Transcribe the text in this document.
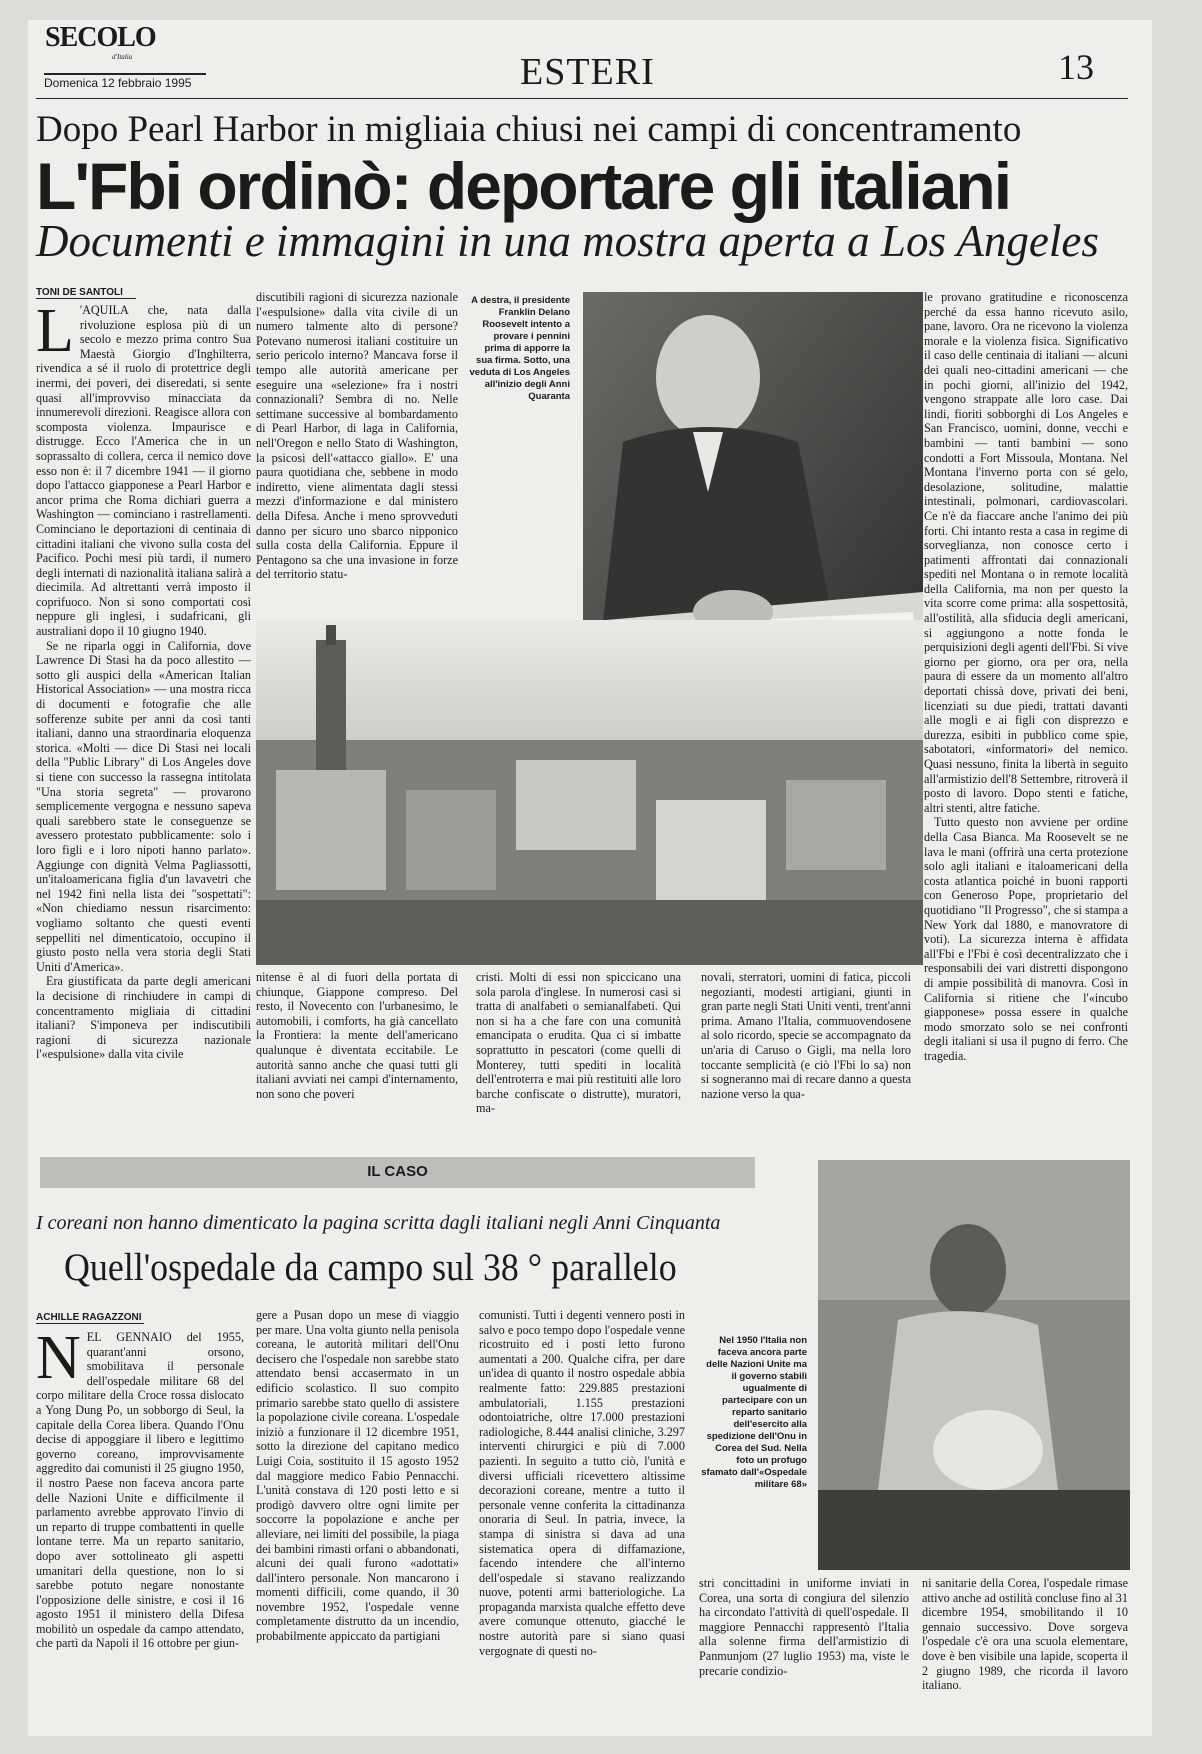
SECOLO
d'Italia
Domenica 12 febbraio 1995	ESTERI	13
Dopo Pearl Harbor in migliaia chiusi nei campi di concentramento
L'Fbi ordinò: deportare gli italiani
Documenti e immagini in una mostra aperta a Los Angeles
TONI DE SANTOLI
L 'AQUILA che, nata dalla rivoluzione esplosa più di un secolo e mezzo prima contro Sua Maestà Giorgio d'Inghilterra, rivendica a sé il ruolo di protettrice degli inermi, dei poveri, dei diseredati, si sente quasi all'improvviso minacciata da innumerevoli direzioni. Reagisce allora con scomposta violenza. Impaurisce e distrugge. Ecco l'America che in un soprassalto di collera, cerca il nemico dove esso non è: il 7 dicembre 1941 — il giorno dopo l'attacco giapponese a Pearl Harbor e ancor prima che Roma dichiari guerra a Washington — cominciano i rastrellamenti. Cominciano le deportazioni di centinaia di cittadini italiani che vivono sulla costa del Pacifico. Pochi mesi più tardi, il numero degli internati di nazionalità italiana salirà a diecimila. Ad altrettanti verrà imposto il coprifuoco. Non si sono comportati così neppure gli inglesi, i sudafricani, gli australiani dopo il 10 giugno 1940.

Se ne riparla oggi in California, dove Lawrence Di Stasi ha da poco allestito — sotto gli auspici della «American Italian Historical Association» — una mostra ricca di documenti e fotografie che alle sofferenze subite per anni da così tanti italiani, danno una straordinaria eloquenza storica. «Molti — dice Di Stasi nei locali della "Public Library" di Los Angeles dove si tiene con successo la rassegna intitolata "Una storia segreta" — provarono semplicemente vergogna e nessuno sapeva quali sarebbero state le conseguenze se avessero protestato pubblicamente: solo i loro figli e i loro nipoti hanno parlato». Aggiunge con dignità Velma Pagliassotti, un'italoamericana figlia d'un lavavetri che nel 1942 finì nella lista dei "sospettati": «Non chiediamo nessun risarcimento: vogliamo soltanto che questi eventi seppelliti nel dimenticatoio, occupino il giusto posto nella vera storia degli Stati Uniti d'America».

Era giustificata da parte degli americani la decisione di rinchiudere in campi di concentramento migliaia di cittadini italiani? S'imponeva per indiscutibili ragioni di sicurezza nazionale l'«espulsione» dalla vita civile

discutibili ragioni di sicurezza nazionale l'«espulsione» dalla vita civile di un numero talmente alto di persone? Potevano numerosi italiani costituire un serio pericolo interno? Mancava forse il tempo alle autorità americane per eseguire una «selezione» fra i nostri connazionali? Sembra di no. Nelle settimane successive al bombardamento di Pearl Harbor, di laga in California, nell'Oregon e nello Stato di Washington, la psicosi dell'«attacco giallo». E' una paura quotidiana che, sebbene in modo indiretto, viene alimentata dagli stessi mezzi d'informazione e dal ministero della Difesa. Anche i meno sprovveduti danno per sicuro uno sbarco nipponico sulla costa della California. Eppure il Pentagono sa che una invasione in forze del territorio statu-

A destra, il presidente Franklin Delano Roosevelt intento a provare i pennini prima di apporre la sua firma. Sotto, una veduta di Los Angeles all'inizio degli Anni Quaranta

le provano gratitudine e riconoscenza perché da essa hanno ricevuto asilo, pane, lavoro. Ora ne ricevono la violenza morale e la violenza fisica. Significativo il caso delle centinaia di italiani — alcuni dei quali neo-cittadini americani — che in pochi giorni, all'inizio del 1942, vengono strappate alle loro case. Dai lindi, fioriti sobborghi di Los Angeles e San Francisco, uomini, donne, vecchi e bambini — tanti bambini — sono condotti a Fort Missoula, Montana. Nel Montana l'inverno porta con sé gelo, desolazione, solitudine, malattie intestinali, polmonari, cardiovascolari. Ce n'è da fiaccare anche l'animo dei più forti. Chi intanto resta a casa in regime di sorveglianza, non conosce certo i patimenti affrontati dai connazionali spediti nel Montana o in remote località della California, ma non per questo la vita scorre come prima: alla sospettosità, all'ostilità, alla sfiducia degli americani, si aggiungono a notte fonda le perquisizioni degli agenti dell'Fbi. Si vive giorno per giorno, ora per ora, nella paura di essere da un momento all'altro deportati chissà dove, privati dei beni, licenziati su due piedi, trattati davanti alle mogli e ai figli con disprezzo e durezza, esibiti in pubblico come spie, sabotatori, «informatori» del nemico. Quasi nessuno, finita la libertà in seguito all'armistizio dell'8 Settembre, ritroverà il posto di lavoro. Dopo stenti e fatiche, altri stenti, altre fatiche.

Tutto questo non avviene per ordine della Casa Bianca. Ma Roosevelt se ne lava le mani (offrirà una certa protezione solo agli italiani e italoamericani della costa atlantica poiché in buoni rapporti con Generoso Pope, proprietario del quotidiano "Il Progresso", che si stampa a New York dal 1880, e manovratore di voti). La sicurezza interna è affidata all'Fbi e l'Fbi è così decentralizzato che i responsabili dei vari distretti dispongono di ampie possibilità di manovra. Così in California si ritiene che l'«incubo giapponese» possa essere in qualche modo smorzato solo se nei confronti degli italiani si usa il pugno di ferro. Che tragedia.

nitense è al di fuori della portata di chiunque, Giappone compreso. Del resto, il Novecento con l'urbanesimo, le automobili, i comforts, ha già cancellato la Frontiera: la mente dell'americano qualunque è diventata eccitabile. Le autorità sanno anche che quasi tutti gli italiani avviati nei campi d'internamento, non sono che poveri

cristi. Molti di essi non spiccicano una sola parola d'inglese. In numerosi casi si tratta di analfabeti o semianalfabeti. Qui non si ha a che fare con una comunità emancipata o erudita. Qua ci si imbatte soprattutto in pescatori (come quelli di Monterey, tutti spediti in località dell'entroterra e mai più restituiti alle loro barche confiscate o distrutte), muratori, ma-

novali, sterratori, uomini di fatica, piccoli negozianti, modesti artigiani, giunti in gran parte negli Stati Uniti venti, trent'anni prima. Amano l'Italia, commuovendosene al solo ricordo, specie se accompagnato da un'aria di Caruso o Gigli, ma nella loro toccante semplicità (e ciò l'Fbi lo sa) non si sogneranno mai di recare danno a questa nazione verso la qua-

IL CASO
I coreani non hanno dimenticato la pagina scritta dagli italiani negli Anni Cinquanta
Quell'ospedale da campo sul 38 ° parallelo
ACHILLE RAGAZZONI
N EL GENNAIO del 1955, quarant'anni orsono, smobilitava il personale dell'ospedale militare 68 del corpo militare della Croce rossa dislocato a Yong Dung Po, un sobborgo di Seul, la capitale della Corea libera. Quando l'Onu decise di appoggiare il libero e legittimo governo coreano, improvvisamente aggredito dai comunisti il 25 giugno 1950, il nostro Paese non faceva ancora parte delle Nazioni Unite e difficilmente il parlamento avrebbe approvato l'invio di un reparto di truppe combattenti in quelle lontane terre. Ma un reparto sanitario, dopo aver sottolineato gli aspetti umanitari della questione, non lo si sarebbe potuto negare nonostante l'opposizione delle sinistre, e così il 16 agosto 1951 il ministero della Difesa mobilitò un ospedale da campo attendato, che partì da Napoli il 16 ottobre per giun-

gere a Pusan dopo un mese di viaggio per mare. Una volta giunto nella penisola coreana, le autorità militari dell'Onu decisero che l'ospedale non sarebbe stato attendato bensì accasermato in un edificio scolastico. Il suo compito primario sarebbe stato quello di assistere la popolazione civile coreana. L'ospedale iniziò a funzionare il 12 dicembre 1951, sotto la direzione del capitano medico Luigi Coia, sostituito il 15 agosto 1952 dal maggiore medico Fabio Pennacchi. L'unità constava di 120 posti letto e si prodigò davvero oltre ogni limite per soccorre la popolazione e anche per alleviare, nei limiti del possibile, la piaga dei bambini rimasti orfani o abbandonati, alcuni dei quali furono «adottati» dall'intero personale. Non mancarono i momenti difficili, come quando, il 30 novembre 1952, l'ospedale venne completamente distrutto da un incendio, probabilmente appiccato da partigiani

comunisti. Tutti i degenti vennero posti in salvo e poco tempo dopo l'ospedale venne ricostruito ed i posti letto furono aumentati a 200. Qualche cifra, per dare un'idea di quanto il nostro ospedale abbia realmente fatto: 229.885 prestazioni ambulatoriali, 1.155 prestazioni odontoiatriche, oltre 17.000 prestazioni radiologiche, 8.444 analisi cliniche, 3.297 interventi chirurgici e più di 7.000 pazienti. In seguito a tutto ciò, l'unità e diversi ufficiali ricevettero altissime decorazioni coreane, mentre a tutto il personale venne conferita la cittadinanza onoraria di Seul. In patria, invece, la stampa di sinistra si dava ad una sistematica opera di diffamazione, facendo intendere che all'interno dell'ospedale si stavano realizzando nuove, potenti armi batteriologiche. La propaganda marxista qualche effetto deve avere comunque ottenuto, giacché le nostre autorità pare si siano quasi vergognate di questi no-

Nel 1950 l'Italia non faceva ancora parte delle Nazioni Unite ma il governo stabilì ugualmente di partecipare con un reparto sanitario dell'esercito alla spedizione dell'Onu in Corea del Sud. Nella foto un profugo sfamato dall'«Ospedale militare 68»

stri concittadini in uniforme inviati in Corea, una sorta di congiura del silenzio ha circondato l'attività di quell'ospedale. Il maggiore Pennacchi rappresentò l'Italia alla solenne firma dell'armistizio di Panmunjom (27 luglio 1953) ma, viste le precarie condizio-

ni sanitarie della Corea, l'ospedale rimase attivo anche ad ostilità concluse fino al 31 dicembre 1954, smobilitando il 10 gennaio successivo. Dove sorgeva l'ospedale c'è ora una scuola elementare, dove è ben visibile una lapide, scoperta il 2 giugno 1989, che ricorda il lavoro italiano.
